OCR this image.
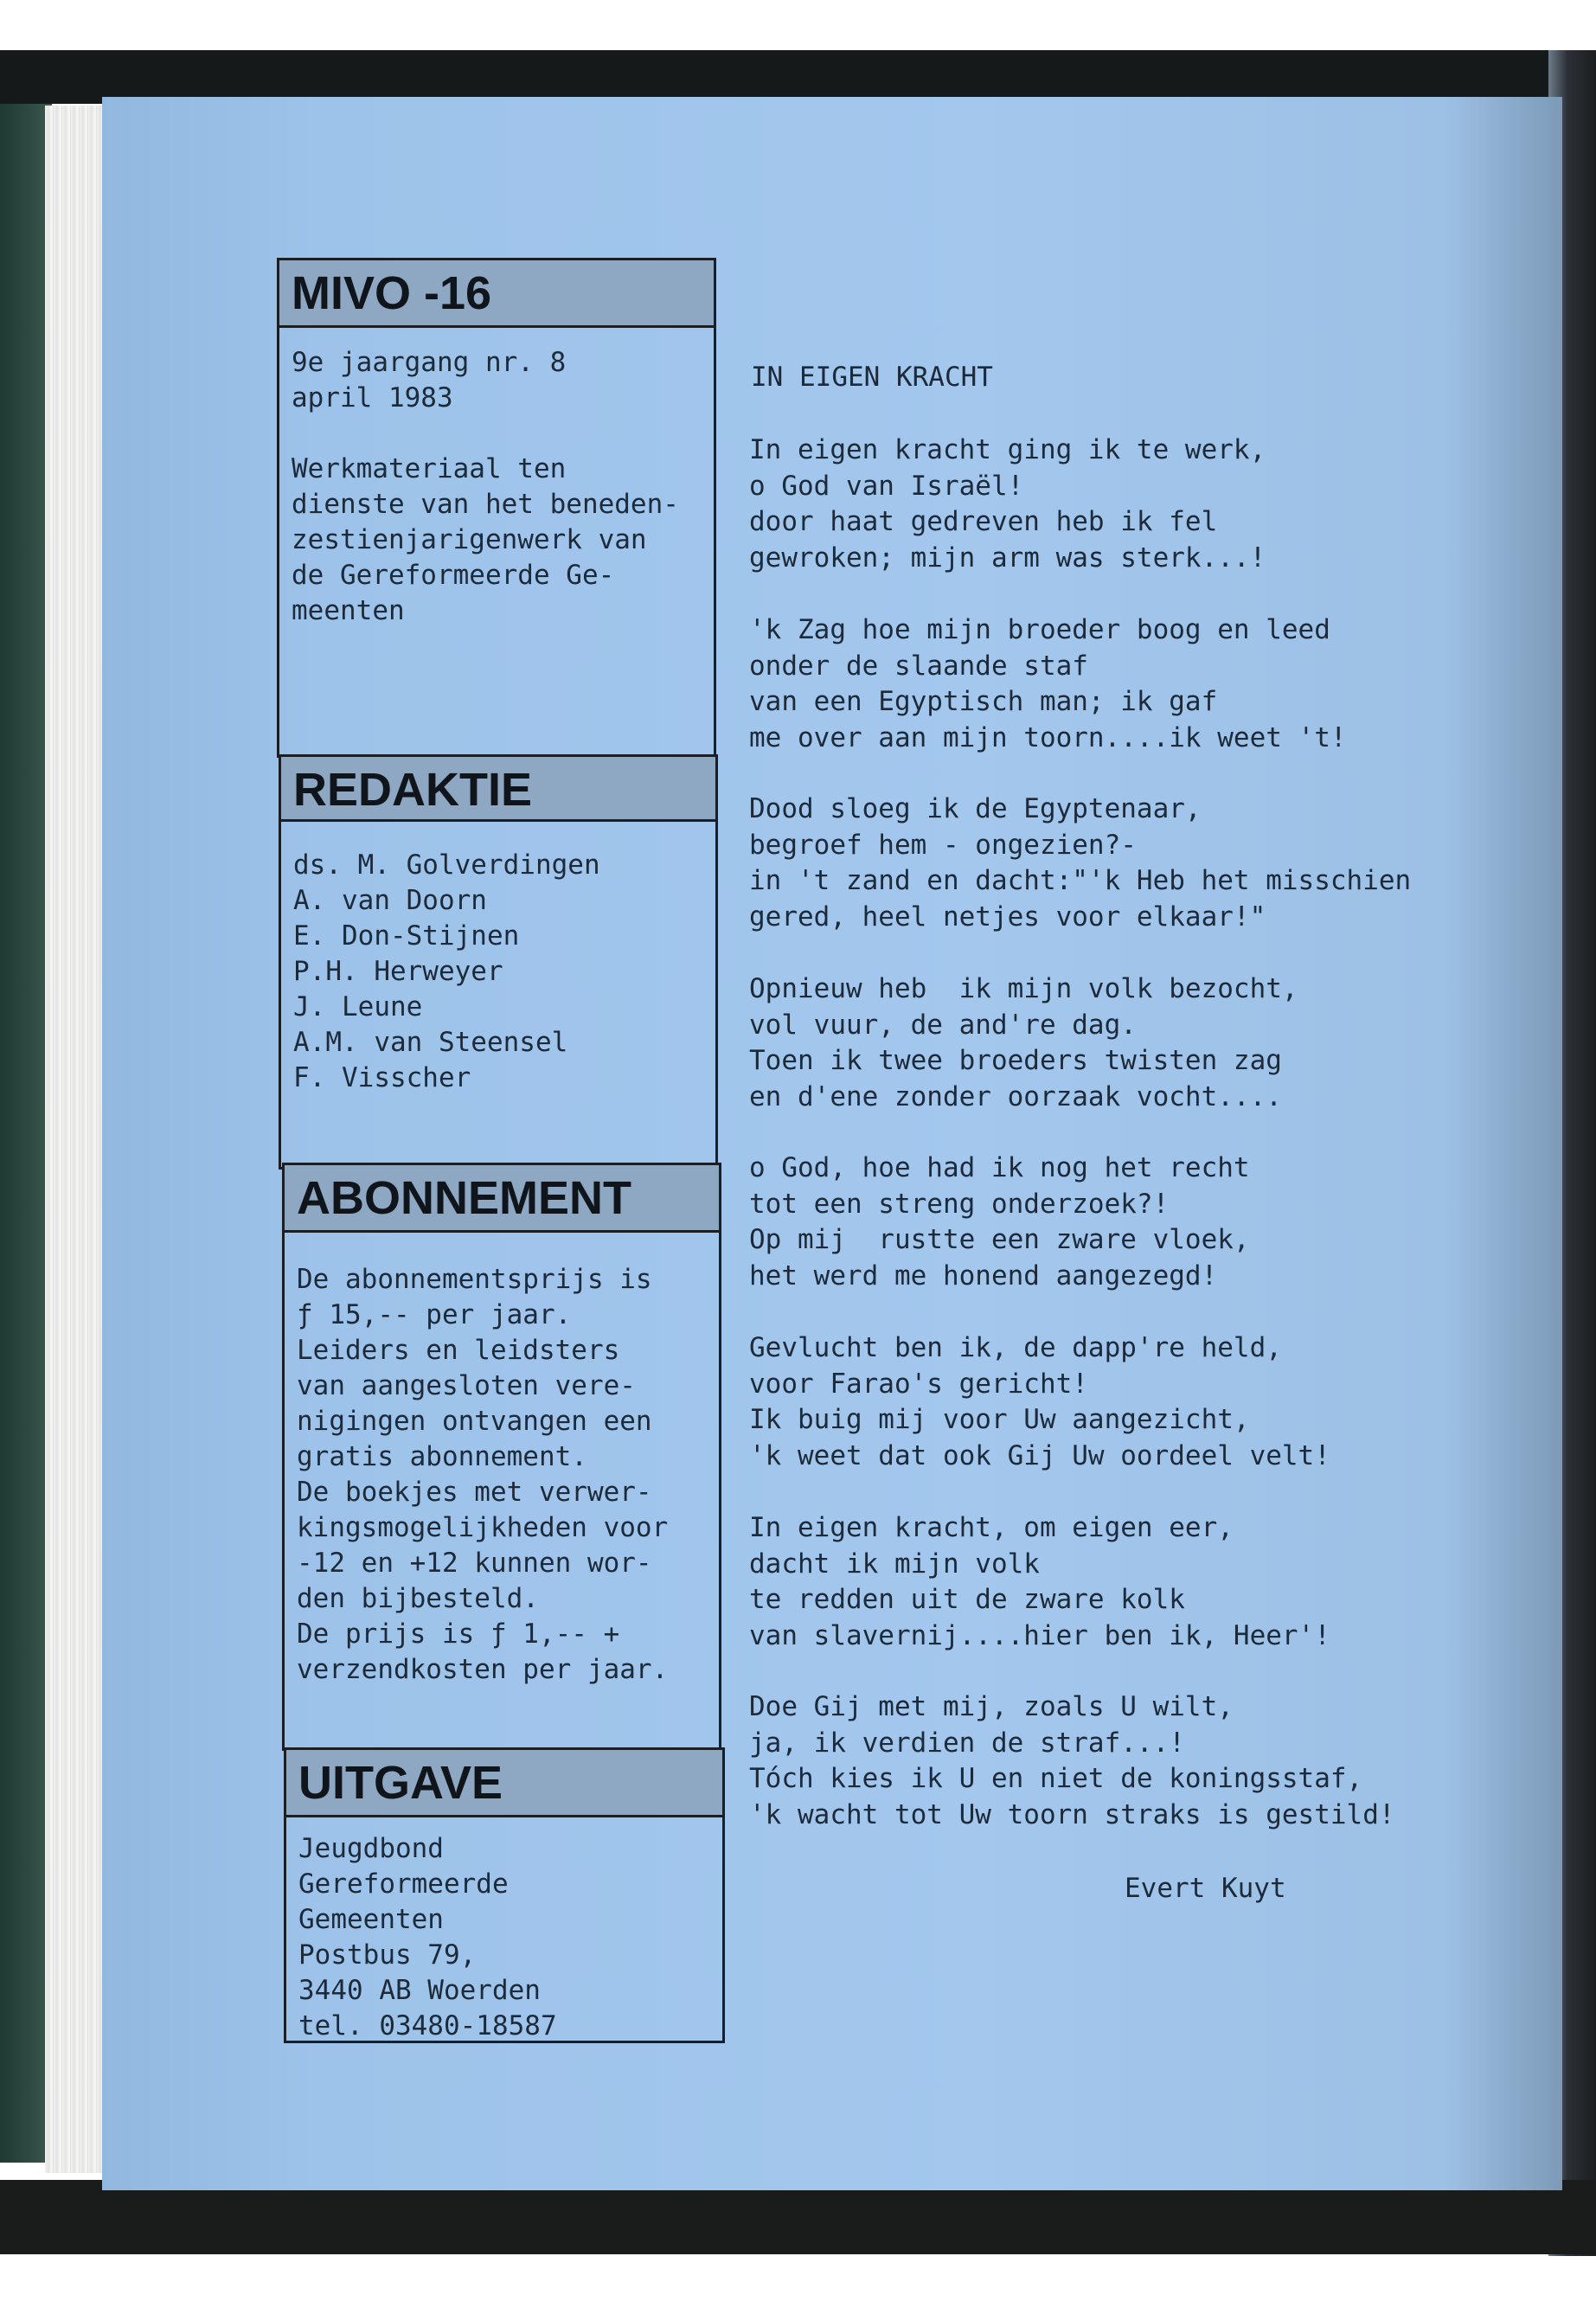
MIVO -16
9e jaargang nr. 8
april 1983

Werkmateriaal ten
dienste van het beneden-
zestienjarigenwerk van
de Gereformeerde Ge-
meenten
REDAKTIE
ds. M. Golverdingen
A. van Doorn
E. Don-Stijnen
P.H. Herweyer
J. Leune
A.M. van Steensel
F. Visscher
ABONNEMENT
De abonnementsprijs is
ƒ 15,-- per jaar.
Leiders en leidsters
van aangesloten vere-
nigingen ontvangen een
gratis abonnement.
De boekjes met verwer-
kingsmogelijkheden voor
-12 en +12 kunnen wor-
den bijbesteld.
De prijs is ƒ 1,-- +
verzendkosten per jaar.
UITGAVE
Jeugdbond
Gereformeerde
Gemeenten
Postbus 79,
3440 AB Woerden
tel. 03480-18587
IN EIGEN KRACHT
In eigen kracht ging ik te werk,
o God van Israël!
door haat gedreven heb ik fel
gewroken; mijn arm was sterk...!
'k Zag hoe mijn broeder boog en leed
onder de slaande staf
van een Egyptisch man; ik gaf
me over aan mijn toorn....ik weet 't!
Dood sloeg ik de Egyptenaar,
begroef hem - ongezien?-
in 't zand en dacht:"'k Heb het misschien
gered, heel netjes voor elkaar!"
Opnieuw heb  ik mijn volk bezocht,
vol vuur, de and're dag.
Toen ik twee broeders twisten zag
en d'ene zonder oorzaak vocht....
o God, hoe had ik nog het recht
tot een streng onderzoek?!
Op mij  rustte een zware vloek,
het werd me honend aangezegd!
Gevlucht ben ik, de dapp're held,
voor Farao's gericht!
Ik buig mij voor Uw aangezicht,
'k weet dat ook Gij Uw oordeel velt!
In eigen kracht, om eigen eer,
dacht ik mijn volk
te redden uit de zware kolk
van slavernij....hier ben ik, Heer'!
Doe Gij met mij, zoals U wilt,
ja, ik verdien de straf...!
Tóch kies ik U en niet de koningsstaf,
'k wacht tot Uw toorn straks is gestild!
Evert Kuyt
